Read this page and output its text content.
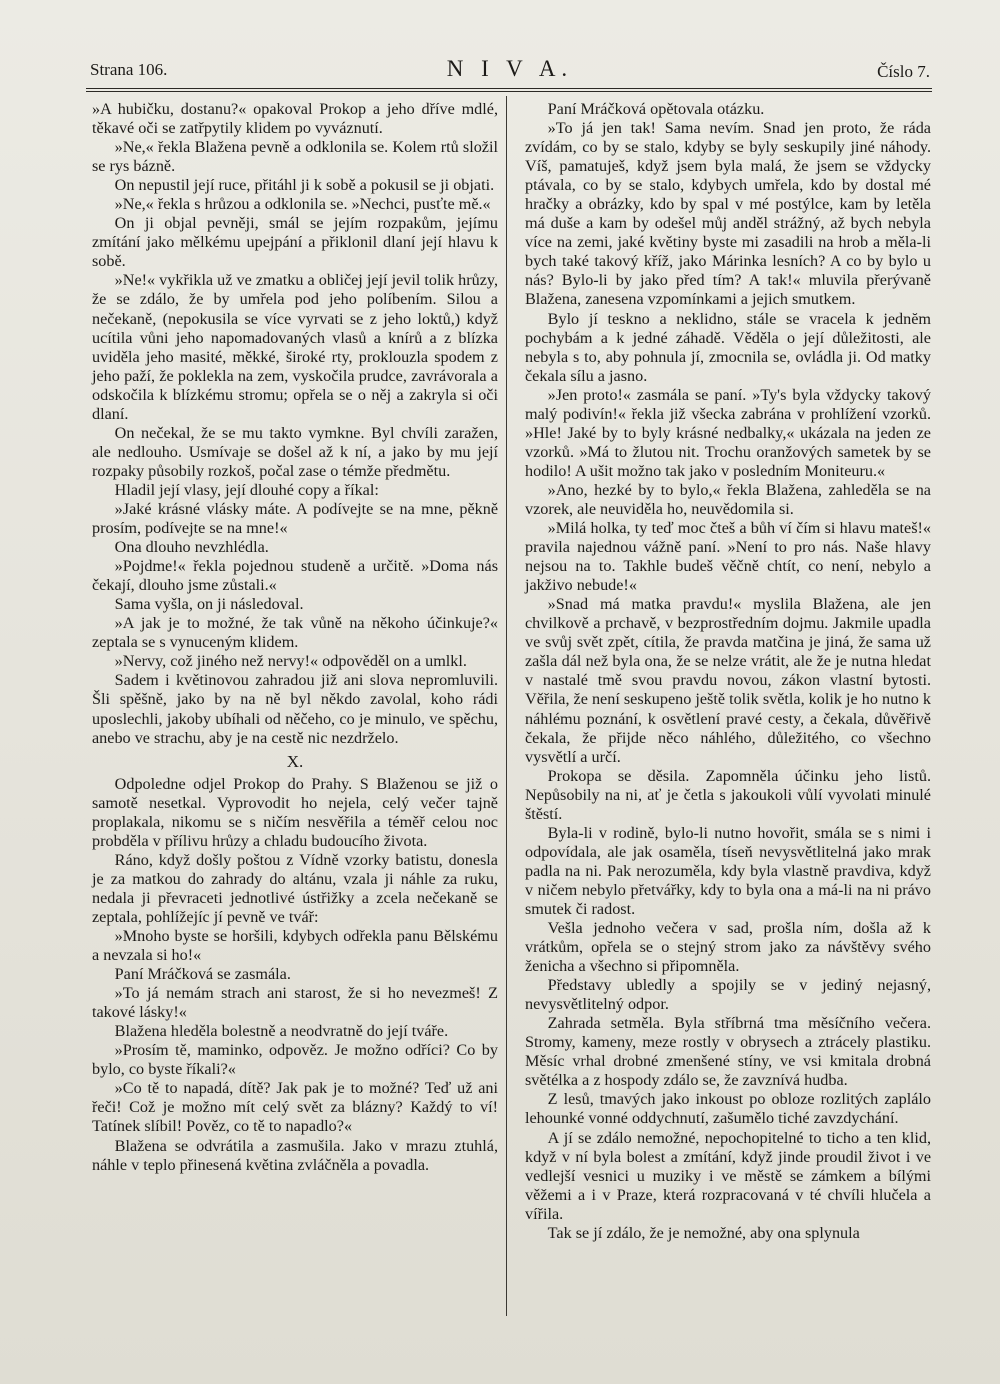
Strana 106.	N I V A.	Číslo 7.

»A hubičku, dostanu?« opakoval Prokop a jeho dříve mdlé, těkavé oči se zatřpytily klidem po vyváznutí.

»Ne,« řekla Blažena pevně a odklonila se. Kolem rtů složil se rys bázně.

On nepustil její ruce, přitáhl ji k sobě a pokusil se ji objati.

»Ne,« řekla s hrůzou a odklonila se. »Nechci, pusťte mě.«

On ji objal pevněji, smál se jejím rozpakům, jejímu zmítání jako mělkému upejpání a přiklonil dlaní její hlavu k sobě.

»Ne!« vykřikla už ve zmatku a obličej její jevil tolik hrůzy, že se zdálo, že by umřela pod jeho políbením. Silou a nečekaně, (nepokusila se více vyrvati se z jeho loktů,) když ucítila vůni jeho napomadovaných vlasů a knírů a z blízka uviděla jeho masité, měkké, široké rty, proklouzla spodem z jeho paží, že poklekla na zem, vyskočila prudce, zavrávorala a odskočila k blízkému stromu; opřela se o něj a zakryla si oči dlaní.

On nečekal, že se mu takto vymkne. Byl chvíli zaražen, ale nedlouho. Usmívaje se došel až k ní, a jako by mu její rozpaky působily rozkoš, počal zase o témže předmětu.

Hladil její vlasy, její dlouhé copy a říkal:

»Jaké krásné vlásky máte. A podívejte se na mne, pěkně prosím, podívejte se na mne!«

Ona dlouho nevzhlédla.

»Pojdme!« řekla pojednou studeně a určitě. »Doma nás čekají, dlouho jsme zůstali.«

Sama vyšla, on ji následoval.

»A jak je to možné, že tak vůně na někoho účinkuje?« zeptala se s vynuceným klidem.

»Nervy, což jiného než nervy!« odpověděl on a umlkl.

Sadem i květinovou zahradou již ani slova nepromluvili. Šli spěšně, jako by na ně byl někdo zavolal, koho rádi uposlechli, jakoby ubíhali od něčeho, co je minulo, ve spěchu, anebo ve strachu, aby je na cestě nic nezdrželo.

X.

Odpoledne odjel Prokop do Prahy. S Blaženou se již o samotě nesetkal. Vyprovodit ho nejela, celý večer tajně proplakala, nikomu se s ničím nesvěřila a téměř celou noc probděla v přílivu hrůzy a chladu budoucího života.

Ráno, když došly poštou z Vídně vzorky batistu, donesla je za matkou do zahrady do altánu, vzala ji náhle za ruku, nedala ji převraceti jednotlivé ústřižky a zcela nečekaně se zeptala, pohlížejíc jí pevně ve tvář:

»Mnoho byste se horšili, kdybych odřekla panu Bělskému a nevzala si ho!«

Paní Mráčková se zasmála.

»To já nemám strach ani starost, že si ho nevezmeš! Z takové lásky!«

Blažena hleděla bolestně a neodvratně do její tváře.

»Prosím tě, maminko, odpověz. Je možno odříci? Co by bylo, co byste říkali?«

»Co tě to napadá, dítě? Jak pak je to možné? Teď už ani řeči! Což je možno mít celý svět za blázny? Každý to ví! Tatínek slíbil! Pověz, co tě to napadlo?«

Blažena se odvrátila a zasmušila. Jako v mrazu ztuhlá, náhle v teplo přinesená květina zvláčněla a povadla.

Paní Mráčková opětovala otázku.

»To já jen tak! Sama nevím. Snad jen proto, že ráda zvídám, co by se stalo, kdyby se byly seskupily jiné náhody. Víš, pamatuješ, když jsem byla malá, že jsem se vždycky ptávala, co by se stalo, kdybych umřela, kdo by dostal mé hračky a obrázky, kdo by spal v mé postýlce, kam by letěla má duše a kam by odešel můj anděl strážný, až bych nebyla více na zemi, jaké květiny byste mi zasadili na hrob a měla-li bych také takový kříž, jako Márinka lesních? A co by bylo u nás? Bylo-li by jako před tím? A tak!« mluvila přerývaně Blažena, zanesena vzpomínkami a jejich smutkem.

Bylo jí teskno a neklidno, stále se vracela k jednĕm pochybám a k jedné záhadě. Věděla o její důležitosti, ale nebyla s to, aby pohnula jí, zmocnila se, ovládla ji. Od matky čekala sílu a jasno.

»Jen proto!« zasmála se paní. »Ty's byla vždycky takový malý podivín!« řekla již všecka zabrána v prohlížení vzorků. »Hle! Jaké by to byly krásné nedbalky,« ukázala na jeden ze vzorků. »Má to žlutou nit. Trochu oranžových sametek by se hodilo! A ušit možno tak jako v posledním Moniteuru.«

»Ano, hezké by to bylo,« řekla Blažena, zahleděla se na vzorek, ale neuviděla ho, neuvědomila si.

»Milá holka, ty teď moc čteš a bůh ví čím si hlavu mateš!« pravila najednou vážně paní. »Není to pro nás. Naše hlavy nejsou na to. Takhle budeš věčně chtít, co není, nebylo a jakživo nebude!«

»Snad má matka pravdu!« myslila Blažena, ale jen chvilkově a prchavě, v bezprostředním dojmu. Jakmile upadla ve svůj svět zpět, cítila, že pravda matčina je jiná, že sama už zašla dál než byla ona, že se nelze vrátit, ale že je nutna hledat v nastalé tmě svou pravdu novou, zákon vlastní bytosti. Věřila, že není seskupeno ještě tolik světla, kolik je ho nutno k náhlému poznání, k osvětlení pravé cesty, a čekala, důvěřivě čekala, že přijde něco náhlého, důležitého, co všechno vysvětlí a určí.

Prokopa se děsila. Zapomněla účinku jeho listů. Nepůsobily na ni, ať je četla s jakoukoli vůlí vyvolati minulé štěstí.

Byla-li v rodině, bylo-li nutno hovořit, smála se s nimi i odpovídala, ale jak osaměla, tíseň nevysvětlitelná jako mrak padla na ni. Pak nerozuměla, kdy byla vlastně pravdiva, když v ničem nebylo přetvářky, kdy to byla ona a má-li na ni právo smutek či radost.

Vešla jednoho večera v sad, prošla ním, došla až k vrátkům, opřela se o stejný strom jako za návštěvy svého ženicha a všechno si připomněla.

Představy ubledly a spojily se v jediný nejasný, nevysvětlitelný odpor.

Zahrada setměla. Byla stříbrná tma měsíčního večera. Stromy, kameny, meze rostly v obrysech a ztrácely plastiku. Měsíc vrhal drobné zmenšené stíny, ve vsi kmitala drobná světélka a z hospody zdálo se, že zavznívá hudba.

Z lesů, tmavých jako inkoust po obloze rozlitých zaplálo lehounké vonné oddychnutí, zašumělo tiché zavzdychání.

A jí se zdálo nemožné, nepochopitelné to ticho a ten klid, když v ní byla bolest a zmítání, když jinde proudil život i ve vedlejší vesnici u muziky i ve městě se zámkem a bílými věžemi a i v Praze, která rozpracovaná v té chvíli hlučela a vířila.

Tak se jí zdálo, že je nemožné, aby ona splynula
